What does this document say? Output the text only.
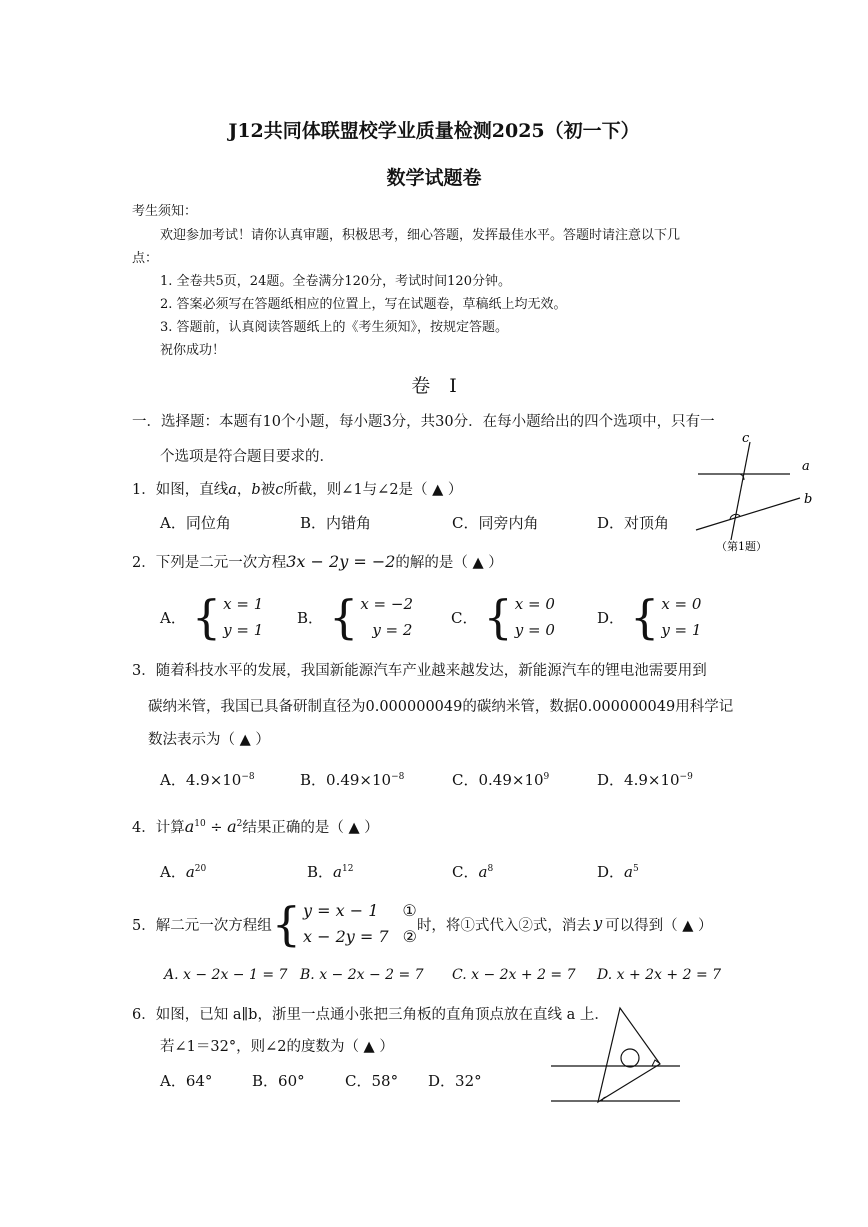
J12共同体联盟校学业质量检测2025（初一下）
数学试题卷
考生须知：
欢迎参加考试！请你认真审题，积极思考，细心答题，发挥最佳水平。答题时请注意以下几
点：
1. 全卷共5页，24题。全卷满分120分，考试时间120分钟。
2. 答案必须写在答题纸相应的位置上，写在试题卷，草稿纸上均无效。
3. 答题前，认真阅读答题纸上的《考生须知》，按规定答题。
祝你成功！
卷　I
一．选择题：本题有10个小题，每小题3分，共30分．在每小题给出的四个选项中，只有一
个选项是符合题目要求的．
1．如图，直线a，b被c所截，则∠1与∠2是（ ▲ ）
A．同位角	B．内错角	C．同旁内角	D．对顶角
c
a
b
（第1题）
2．下列是二元一次方程3x − 2y = −2的解的是（ ▲ ）
A． { x = 1
y = 1
B． { x = −2
y = 2
C． { x = 0
y = 0
D． { x = 0
y = 1
3．随着科技水平的发展，我国新能源汽车产业越来越发达，新能源汽车的锂电池需要用到
碳纳米管，我国已具备研制直径为0.000000049的碳纳米管，数据0.000000049用科学记
数法表示为（ ▲ ）
A．$4.9\times 10^{-8}$	B．$0.49\times 10^{-8}$	C．$0.49\times 10^9$	D．$4.9\times 10^{-9}$
4．计算$a^{10} \div a^2$结果正确的是（ ▲ ）
A．$a^{20}$	B．$a^{12}$	C．$a^8$	D．$a^5$
5． 解二元一次方程组 { y = x − 1 ①
x − 2y = 7 ②
时，将①式代入②式，消去 y 可以得到（ ▲ ）
A. x − 2x − 1 = 7 B. x − 2x − 2 = 7 C. x − 2x + 2 = 7 D. x + 2x + 2 = 7
6．如图，已知 a∥b，浙里一点通小张把三角板的直角顶点放在直线 a 上．
若∠1＝32°，则∠2的度数为（ ▲ ）
A．64°	B．60°	C．58° D．32°
